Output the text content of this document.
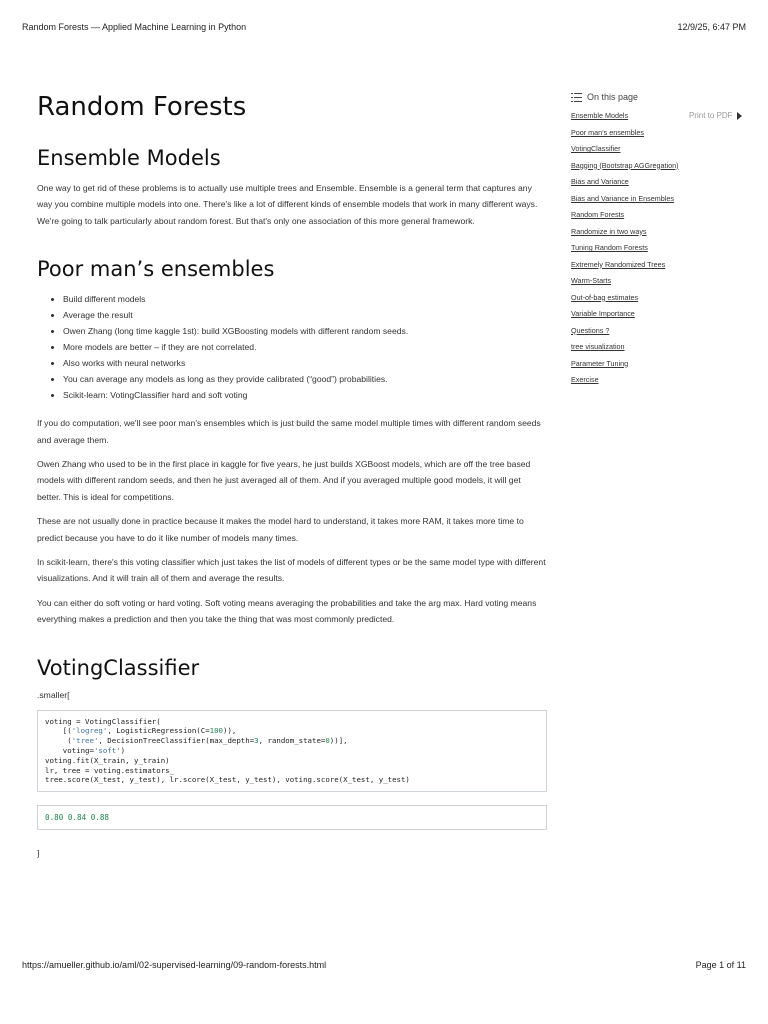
Random Forests — Applied Machine Learning in Python	12/9/25, 6:47 PM
Random Forests
Ensemble Models

One way to get rid of these problems is to actually use multiple trees and Ensemble. Ensemble is a general term that captures any way you combine multiple models into one. There's like a lot of different kinds of ensemble models that work in many different ways. We're going to talk particularly about random forest. But that's only one association of this more general framework.

Poor man’s ensembles
• Build different models
• Average the result
• Owen Zhang (long time kaggle 1st): build XGBoosting models with different random seeds.
• More models are better – if they are not correlated.
• Also works with neural networks
• You can average any models as long as they provide calibrated (“good”) probabilities.
• Scikit-learn: VotingClassifier hard and soft voting

If you do computation, we'll see poor man's ensembles which is just build the same model multiple times with different random seeds and average them.

Owen Zhang who used to be in the first place in kaggle for five years, he just builds XGBoost models, which are off the tree based models with different random seeds, and then he just averaged all of them. And if you averaged multiple good models, it will get better. This is ideal for competitions.

These are not usually done in practice because it makes the model hard to understand, it takes more RAM, it takes more time to predict because you have to do it like number of models many times.

In scikit-learn, there's this voting classifier which just takes the list of models of different types or be the same model type with different visualizations. And it will train all of them and average the results.

You can either do soft voting or hard voting. Soft voting means averaging the probabilities and take the arg max. Hard voting means everything makes a prediction and then you take the thing that was most commonly predicted.

VotingClassifier
.smaller[
voting = VotingClassifier(
[('logreg', LogisticRegression(C=100)),
('tree', DecisionTreeClassifier(max_depth=3, random_state=0))],
voting='soft')
voting.fit(X_train, y_train)
lr, tree = voting.estimators_
tree.score(X_test, y_test), lr.score(X_test, y_test), voting.score(X_test, y_test)
0.80 0.84 0.88
]
Print to PDF
On this page
Ensemble Models
Poor man’s ensembles
VotingClassifier
Bagging (Bootstrap AGGregation)
Bias and Variance
Bias and Variance in Ensembles
Random Forests
Randomize in two ways
Tuning Random Forests
Extremely Randomized Trees
Warm-Starts
Out-of-bag estimates
Variable Importance
Questions ?
tree visualization
Parameter Tuning
Exercise
https://amueller.github.io/aml/02-supervised-learning/09-random-forests.html	Page 1 of 11
